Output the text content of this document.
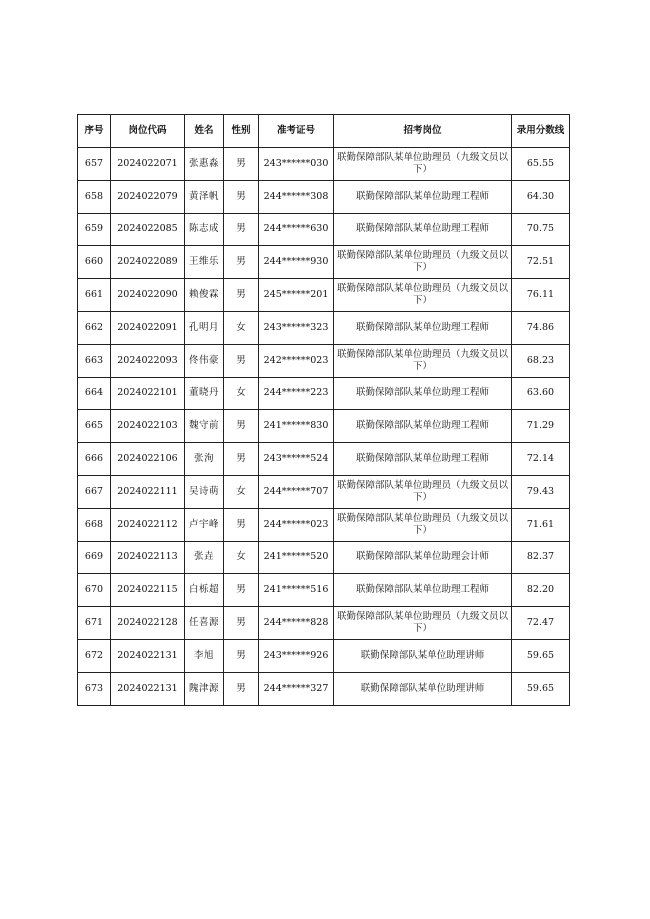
序号	岗位代码	姓名	性别	准考证号	招考岗位	录用分数线
657	2024022071	张惠淼	男	243******030	联勤保障部队某单位助理员（九级文员以下）	65.55
658	2024022079	黄泽帆	男	244******308	联勤保障部队某单位助理工程师	64.30
659	2024022085	陈志成	男	244******630	联勤保障部队某单位助理工程师	70.75
660	2024022089	王维乐	男	244******930	联勤保障部队某单位助理员（九级文员以下）	72.51
661	2024022090	赖俊霖	男	245******201	联勤保障部队某单位助理员（九级文员以下）	76.11
662	2024022091	孔明月	女	243******323	联勤保障部队某单位助理工程师	74.86
663	2024022093	佟伟豪	男	242******023	联勤保障部队某单位助理员（九级文员以下）	68.23
664	2024022101	董晓丹	女	244******223	联勤保障部队某单位助理工程师	63.60
665	2024022103	魏守前	男	241******830	联勤保障部队某单位助理工程师	71.29
666	2024022106	张洵	男	243******524	联勤保障部队某单位助理工程师	72.14
667	2024022111	吴诗萌	女	244******707	联勤保障部队某单位助理员（九级文员以下）	79.43
668	2024022112	卢宇峰	男	244******023	联勤保障部队某单位助理员（九级文员以下）	71.61
669	2024022113	张垚	女	241******520	联勤保障部队某单位助理会计师	82.37
670	2024022115	白栎超	男	241******516	联勤保障部队某单位助理工程师	82.20
671	2024022128	任喜源	男	244******828	联勤保障部队某单位助理员（九级文员以下）	72.47
672	2024022131	李旭	男	243******926	联勤保障部队某单位助理讲师	59.65
673	2024022131	隗津源	男	244******327	联勤保障部队某单位助理讲师	59.65
